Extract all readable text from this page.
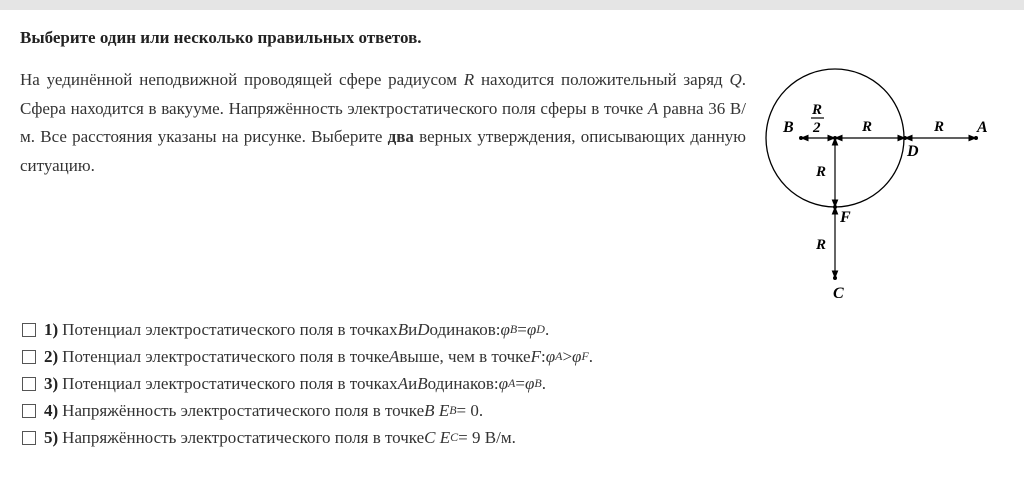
Выберите один или несколько правильных ответов.
На уединённой неподвижной проводящей сфере радиусом R находится положительный заряд Q. Сфера находится в вакууме. Напряжённость электростатического поля сферы в точке A равна 36 В/м. Все расстояния указаны на рисунке. Выберите два верных утверждения, описывающих данную ситуацию.
B
R
2	R	R A
D
R
F
R
C
1) Потенциал электростатического поля в точках B и D одинаков: φ B = φ D .
2) Потенциал электростатического поля в точке A выше, чем в точке F : φ A > φ F .
3) Потенциал электростатического поля в точках A и B одинаков: φ A = φ B .
4) Напряжённость электростатического поля в точке B
E B = 0.
5) Напряжённость электростатического поля в точке C
E C = 9 В/м.
